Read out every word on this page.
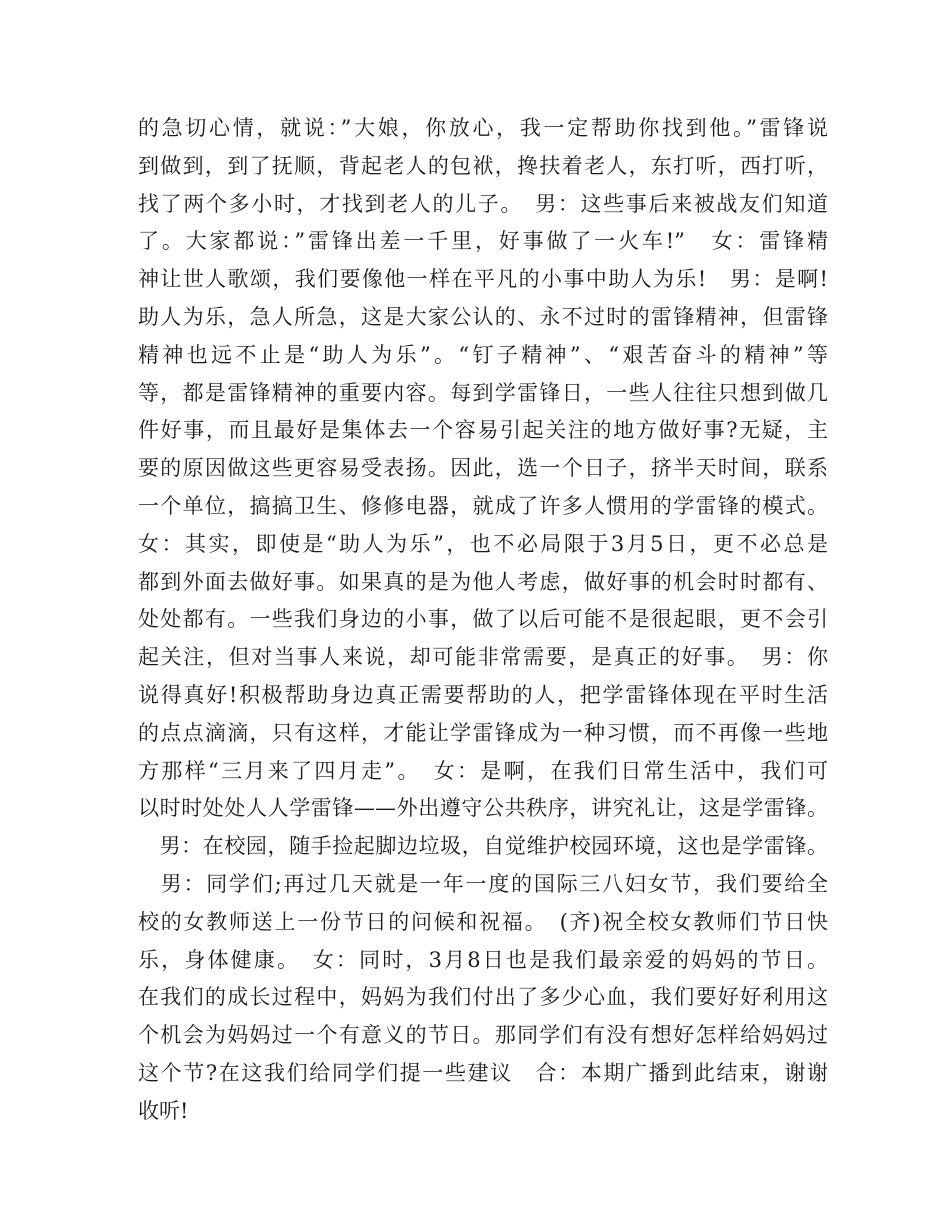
的急切心情，就说：”大娘，你放心，我一定帮助你找到他。”雷锋说
到做到，到了抚顺，背起老人的包袱，搀扶着老人，东打听，西打听，
找了两个多小时，才找到老人的儿子。　男：这些事后来被战友们知道
了。大家都说：”雷锋出差一千里，好事做了一火车!”　女：雷锋精
神让世人歌颂，我们要像他一样在平凡的小事中助人为乐!　男：是啊!
助人为乐，急人所急，这是大家公认的、永不过时的雷锋精神，但雷锋
精神也远不止是“助人为乐”。“钉子精神”、“艰苦奋斗的精神”等
等，都是雷锋精神的重要内容。每到学雷锋日，一些人往往只想到做几
件好事，而且最好是集体去一个容易引起关注的地方做好事?无疑，主
要的原因做这些更容易受表扬。因此，选一个日子，挤半天时间，联系
一个单位，搞搞卫生、修修电器，就成了许多人惯用的学雷锋的模式。
女：其实，即使是“助人为乐”，也不必局限于3月5日，更不必总是
都到外面去做好事。如果真的是为他人考虑，做好事的机会时时都有、
处处都有。一些我们身边的小事，做了以后可能不是很起眼，更不会引
起关注，但对当事人来说，却可能非常需要，是真正的好事。　男：你
说得真好!积极帮助身边真正需要帮助的人，把学雷锋体现在平时生活
的点点滴滴，只有这样，才能让学雷锋成为一种习惯，而不再像一些地
方那样“三月来了四月走”。　女：是啊，在我们日常生活中，我们可
以时时处处人人学雷锋——外出遵守公共秩序，讲究礼让，这是学雷锋。
　男：在校园，随手捡起脚边垃圾，自觉维护校园环境，这也是学雷锋。
　男：同学们;再过几天就是一年一度的国际三八妇女节，我们要给全
校的女教师送上一份节日的问候和祝福。　(齐)祝全校女教师们节日快
乐，身体健康。　女：同时，3月8日也是我们最亲爱的妈妈的节日。
在我们的成长过程中，妈妈为我们付出了多少心血，我们要好好利用这
个机会为妈妈过一个有意义的节日。那同学们有没有想好怎样给妈妈过
这个节?在这我们给同学们提一些建议　合：本期广播到此结束，谢谢
收听!
